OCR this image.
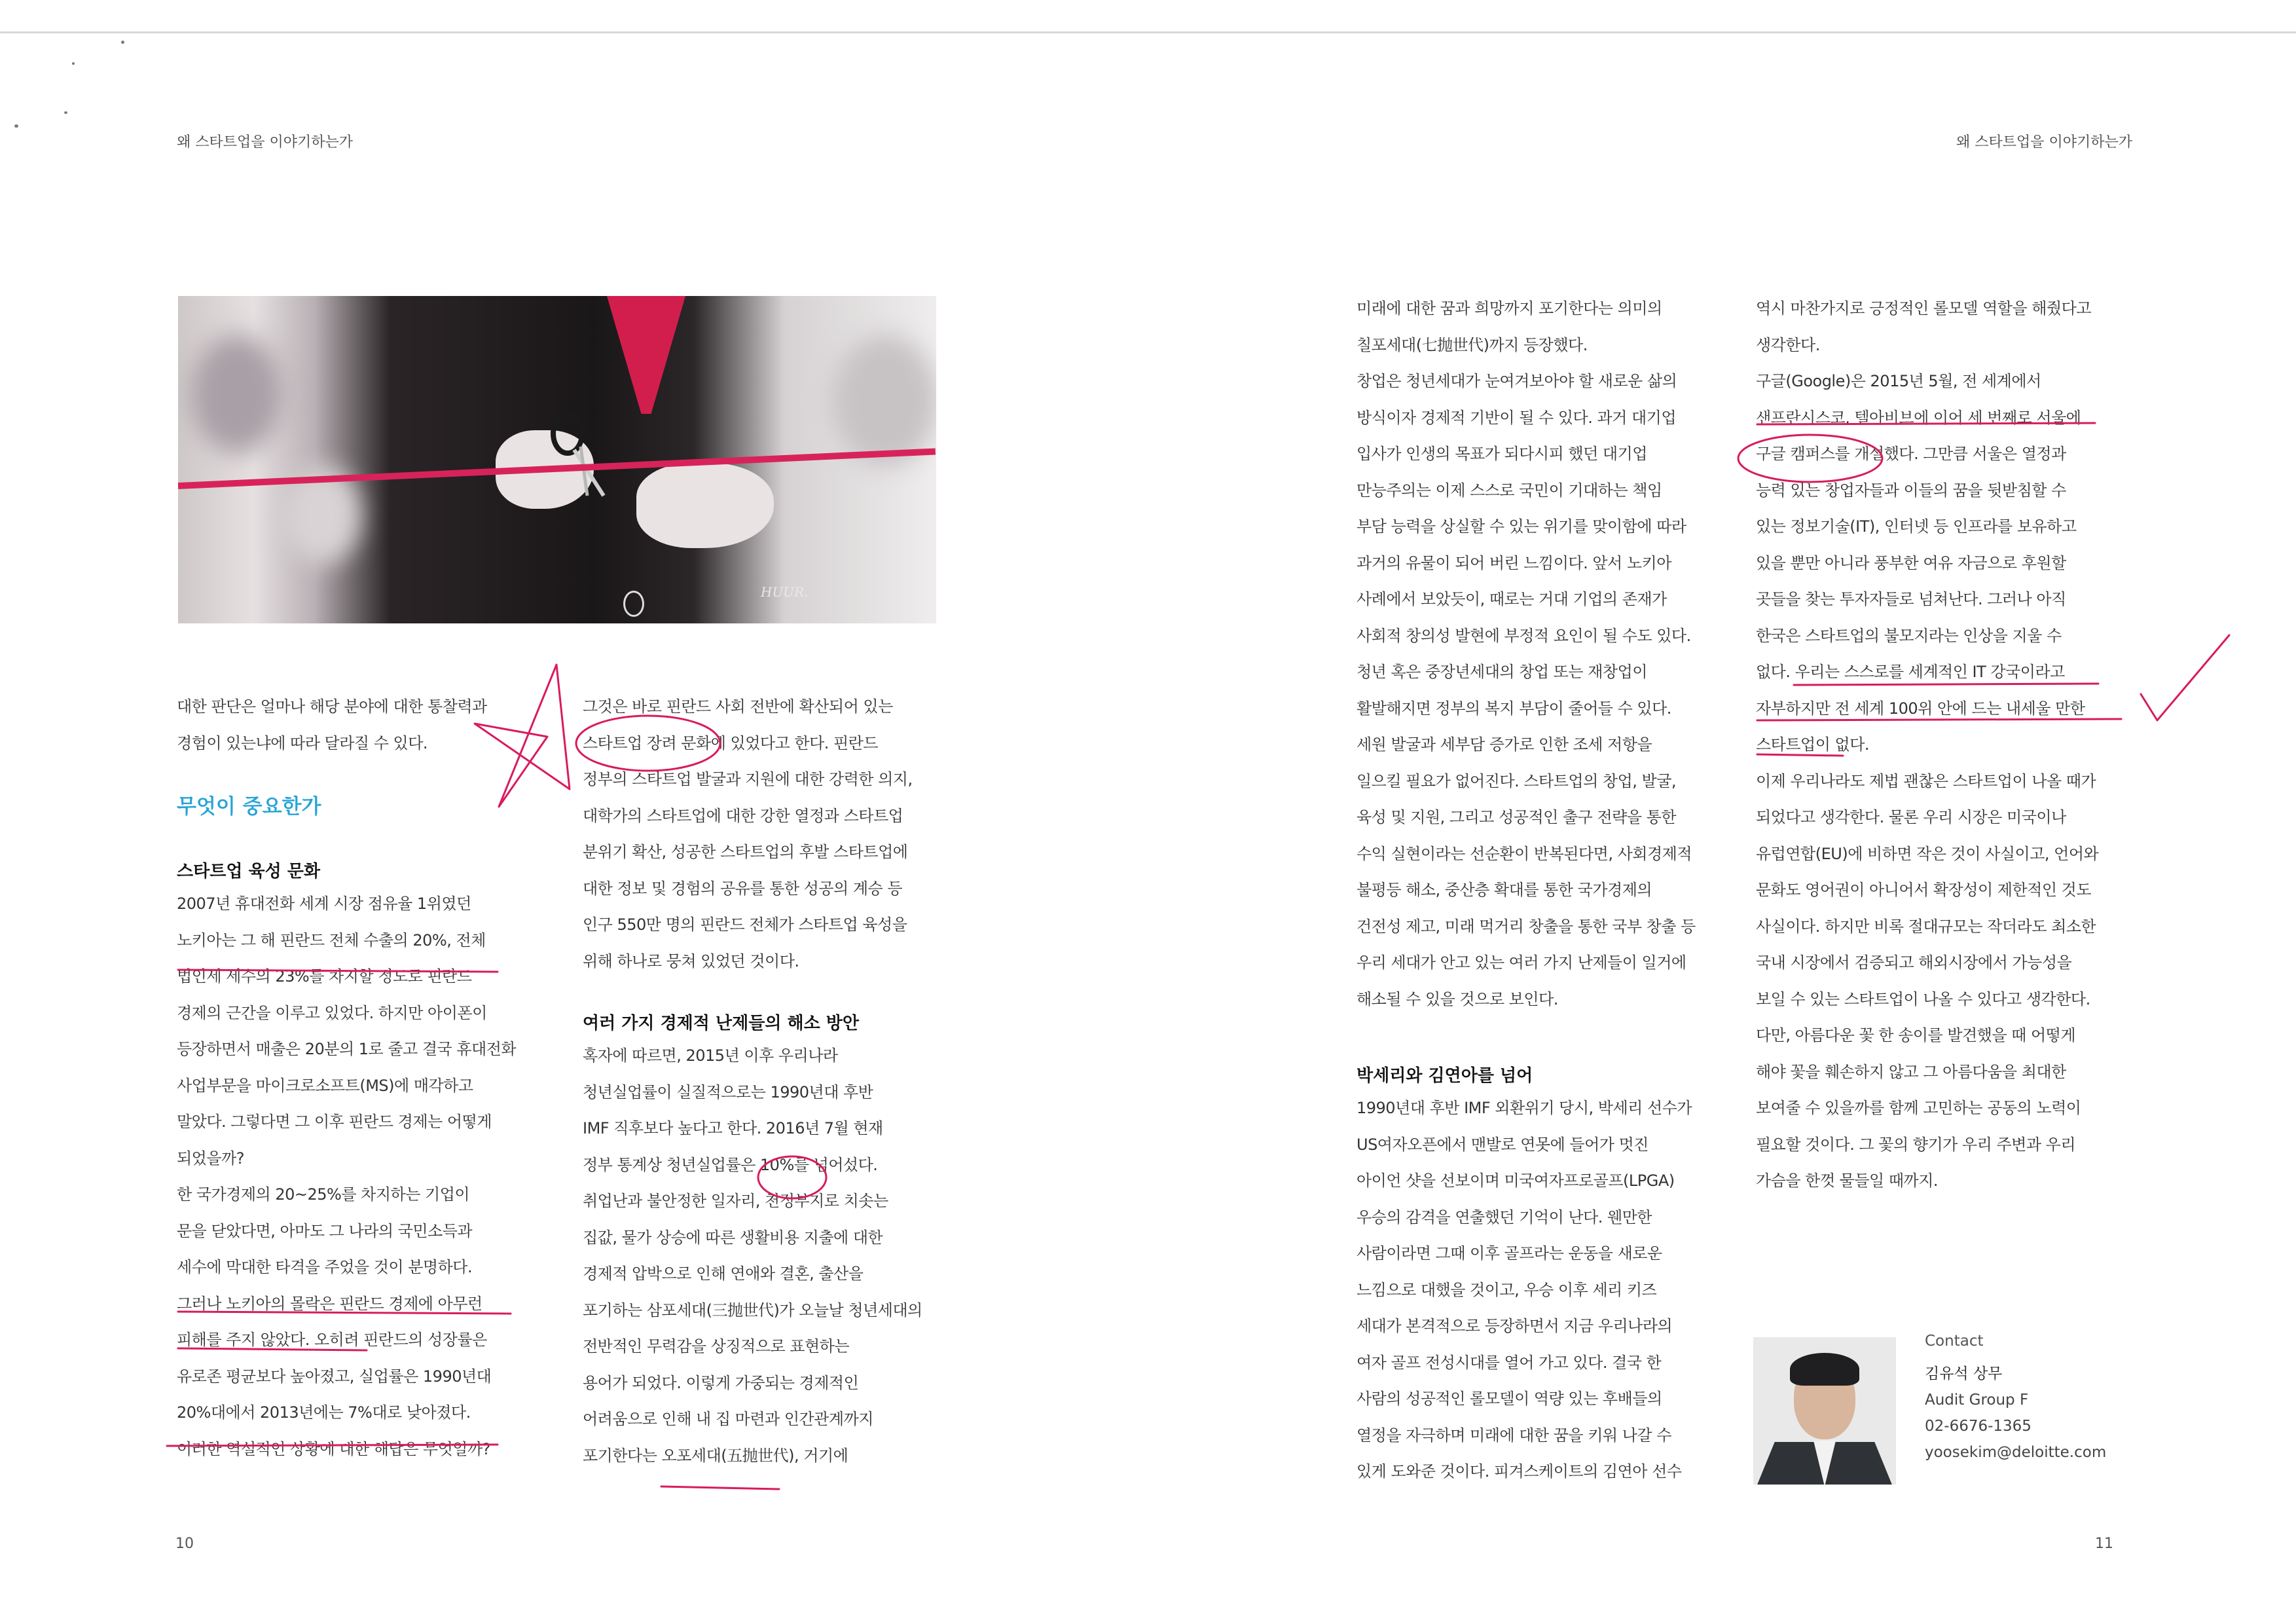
왜 스타트업을 이야기하는가	왜 스타트업을 이야기하는가
HUUR.

대한 판단은 얼마나 해당 분야에 대한 통찰력과
경험이 있는냐에 따라 달라질 수 있다.

무엇이 중요한가

스타트업 육성 문화

2007년 휴대전화 세계 시장 점유율 1위였던
노키아는 그 해 핀란드 전체 수출의 20%, 전체
법인세 세수의 23%를 차지할 정도로 핀란드
경제의 근간을 이루고 있었다. 하지만 아이폰이
등장하면서 매출은 20분의 1로 줄고 결국 휴대전화
사업부문을 마이크로소프트(MS)에 매각하고
말았다. 그렇다면 그 이후 핀란드 경제는 어떻게
되었을까?
한 국가경제의 20~25%를 차지하는 기업이
문을 닫았다면, 아마도 그 나라의 국민소득과
세수에 막대한 타격을 주었을 것이 분명하다.
그러나 노키아의 몰락은 핀란드 경제에 아무런
피해를 주지 않았다. 오히려 핀란드의 성장률은
유로존 평균보다 높아졌고, 실업률은 1990년대
20%대에서 2013년에는 7%대로 낮아졌다.
이러한 역설적인 상황에 대한 해답은 무엇일까?

그것은 바로 핀란드 사회 전반에 확산되어 있는
스타트업 장려 문화에 있었다고 한다. 핀란드
정부의 스타트업 발굴과 지원에 대한 강력한 의지,
대학가의 스타트업에 대한 강한 열정과 스타트업
분위기 확산, 성공한 스타트업의 후발 스타트업에
대한 정보 및 경험의 공유를 통한 성공의 계승 등
인구 550만 명의 핀란드 전체가 스타트업 육성을
위해 하나로 뭉쳐 있었던 것이다.

여러 가지 경제적 난제들의 해소 방안

혹자에 따르면, 2015년 이후 우리나라
청년실업률이 실질적으로는 1990년대 후반
IMF 직후보다 높다고 한다. 2016년 7월 현재
정부 통계상 청년실업률은 10%를 넘어섰다.
취업난과 불안정한 일자리, 천정부지로 치솟는
집값, 물가 상승에 따른 생활비용 지출에 대한
경제적 압박으로 인해 연애와 결혼, 출산을
포기하는 삼포세대(三抛世代)가 오늘날 청년세대의
전반적인 무력감을 상징적으로 표현하는
용어가 되었다. 이렇게 가중되는 경제적인
어려움으로 인해 내 집 마련과 인간관계까지
포기한다는 오포세대(五抛世代), 거기에

미래에 대한 꿈과 희망까지 포기한다는 의미의
칠포세대(七抛世代)까지 등장했다.
창업은 청년세대가 눈여겨보아야 할 새로운 삶의
방식이자 경제적 기반이 될 수 있다. 과거 대기업
입사가 인생의 목표가 되다시피 했던 대기업
만능주의는 이제 스스로 국민이 기대하는 책임
부담 능력을 상실할 수 있는 위기를 맞이함에 따라
과거의 유물이 되어 버린 느낌이다. 앞서 노키아
사례에서 보았듯이, 때로는 거대 기업의 존재가
사회적 창의성 발현에 부정적 요인이 될 수도 있다.
청년 혹은 중장년세대의 창업 또는 재창업이
활발해지면 정부의 복지 부담이 줄어들 수 있다.
세원 발굴과 세부담 증가로 인한 조세 저항을
일으킬 필요가 없어진다. 스타트업의 창업, 발굴,
육성 및 지원, 그리고 성공적인 출구 전략을 통한
수익 실현이라는 선순환이 반복된다면, 사회경제적
불평등 해소, 중산층 확대를 통한 국가경제의
건전성 제고, 미래 먹거리 창출을 통한 국부 창출 등
우리 세대가 안고 있는 여러 가지 난제들이 일거에
해소될 수 있을 것으로 보인다.

박세리와 김연아를 넘어

1990년대 후반 IMF 외환위기 당시, 박세리 선수가
US여자오픈에서 맨발로 연못에 들어가 멋진
아이언 샷을 선보이며 미국여자프로골프(LPGA)
우승의 감격을 연출했던 기억이 난다. 웬만한
사람이라면 그때 이후 골프라는 운동을 새로운
느낌으로 대했을 것이고, 우승 이후 세리 키즈
세대가 본격적으로 등장하면서 지금 우리나라의
여자 골프 전성시대를 열어 가고 있다. 결국 한
사람의 성공적인 롤모델이 역량 있는 후배들의
열정을 자극하며 미래에 대한 꿈을 키워 나갈 수
있게 도와준 것이다. 피겨스케이트의 김연아 선수

역시 마찬가지로 긍정적인 롤모델 역할을 해줬다고
생각한다.
구글(Google)은 2015년 5월, 전 세계에서
샌프란시스코, 텔아비브에 이어 세 번째로 서울에
구글 캠퍼스를 개설했다. 그만큼 서울은 열정과
능력 있는 창업자들과 이들의 꿈을 뒷받침할 수
있는 정보기술(IT), 인터넷 등 인프라를 보유하고
있을 뿐만 아니라 풍부한 여유 자금으로 후원할
곳들을 찾는 투자자들로 넘쳐난다. 그러나 아직
한국은 스타트업의 불모지라는 인상을 지울 수
없다. 우리는 스스로를 세계적인 IT 강국이라고
자부하지만 전 세계 100위 안에 드는 내세울 만한
스타트업이 없다.
이제 우리나라도 제법 괜찮은 스타트업이 나올 때가
되었다고 생각한다. 물론 우리 시장은 미국이나
유럽연합(EU)에 비하면 작은 것이 사실이고, 언어와
문화도 영어권이 아니어서 확장성이 제한적인 것도
사실이다. 하지만 비록 절대규모는 작더라도 최소한
국내 시장에서 검증되고 해외시장에서 가능성을
보일 수 있는 스타트업이 나올 수 있다고 생각한다.
다만, 아름다운 꽃 한 송이를 발견했을 때 어떻게
해야 꽃을 훼손하지 않고 그 아름다움을 최대한
보여줄 수 있을까를 함께 고민하는 공동의 노력이
필요할 것이다. 그 꽃의 향기가 우리 주변과 우리
가슴을 한껏 물들일 때까지.

Contact
김유석 상무
Audit Group F
02-6676-1365
yoosekim@deloitte.com
10	11
